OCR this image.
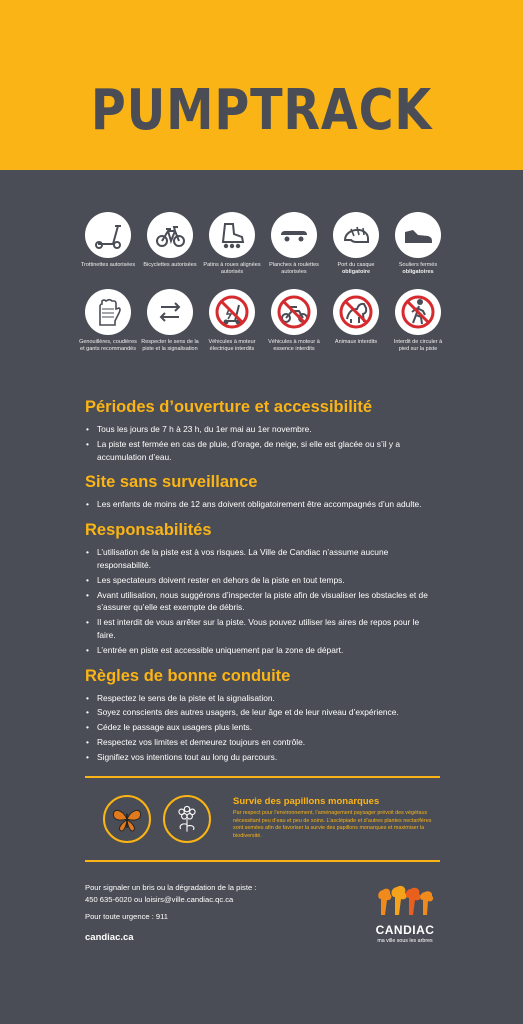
PUMPTRACK
Trottinettes autorisées Bicyclettes autorisées Patins à roues alignées autorisés
Planches à roulettes autorisées
Port du casque
obligatoire
Souliers fermés
obligatoires
Genouillères, coudières et gants recommandés
Respecter le sens de la piste et la signalisation
Véhicules à moteur électrique interdits
Véhicules à moteur à essence interdits
Animaux interdits	Interdit de circuler à pied sur la piste
Périodes d’ouverture et accessibilité
• Tous les jours de 7 h à 23 h, du 1er mai au 1er novembre.
• La piste est fermée en cas de pluie, d’orage, de neige, si elle est glacée ou s’il y a accumulation d’eau.
Site sans surveillance
• Les enfants de moins de 12 ans doivent obligatoirement être accompagnés d’un adulte.
Responsabilités
• L’utilisation de la piste est à vos risques. La Ville de Candiac n’assume aucune responsabilité.
• Les spectateurs doivent rester en dehors de la piste en tout temps.
• Avant utilisation, nous suggérons d’inspecter la piste afin de visualiser les obstacles et de s’assurer qu’elle est exempte de débris.
• Il est interdit de vous arrêter sur la piste. Vous pouvez utiliser les aires de repos pour le faire.
• L’entrée en piste est accessible uniquement par la zone de départ.
Règles de bonne conduite
• Respectez le sens de la piste et la signalisation.
• Soyez conscients des autres usagers, de leur âge et de leur niveau d’expérience.
• Cédez le passage aux usagers plus lents.
• Respectez vos limites et demeurez toujours en contrôle.
• Signifiez vos intentions tout au long du parcours.
Survie des papillons monarques
Par respect pour l’environnement, l’aménagement paysager prévoit des végétaux nécessitant peu d’eau et peu de soins. L’asclépiade et d’autres plantes nectarifères sont semées afin de favoriser la survie des papillons monarques et maximiser la biodiversité.
Pour signaler un bris ou la dégradation de la piste :
450 635-6020 ou loisirs@ville.candiac.qc.ca
Pour toute urgence : 911
candiac.ca
CANDIAC
ma ville sous les arbres
